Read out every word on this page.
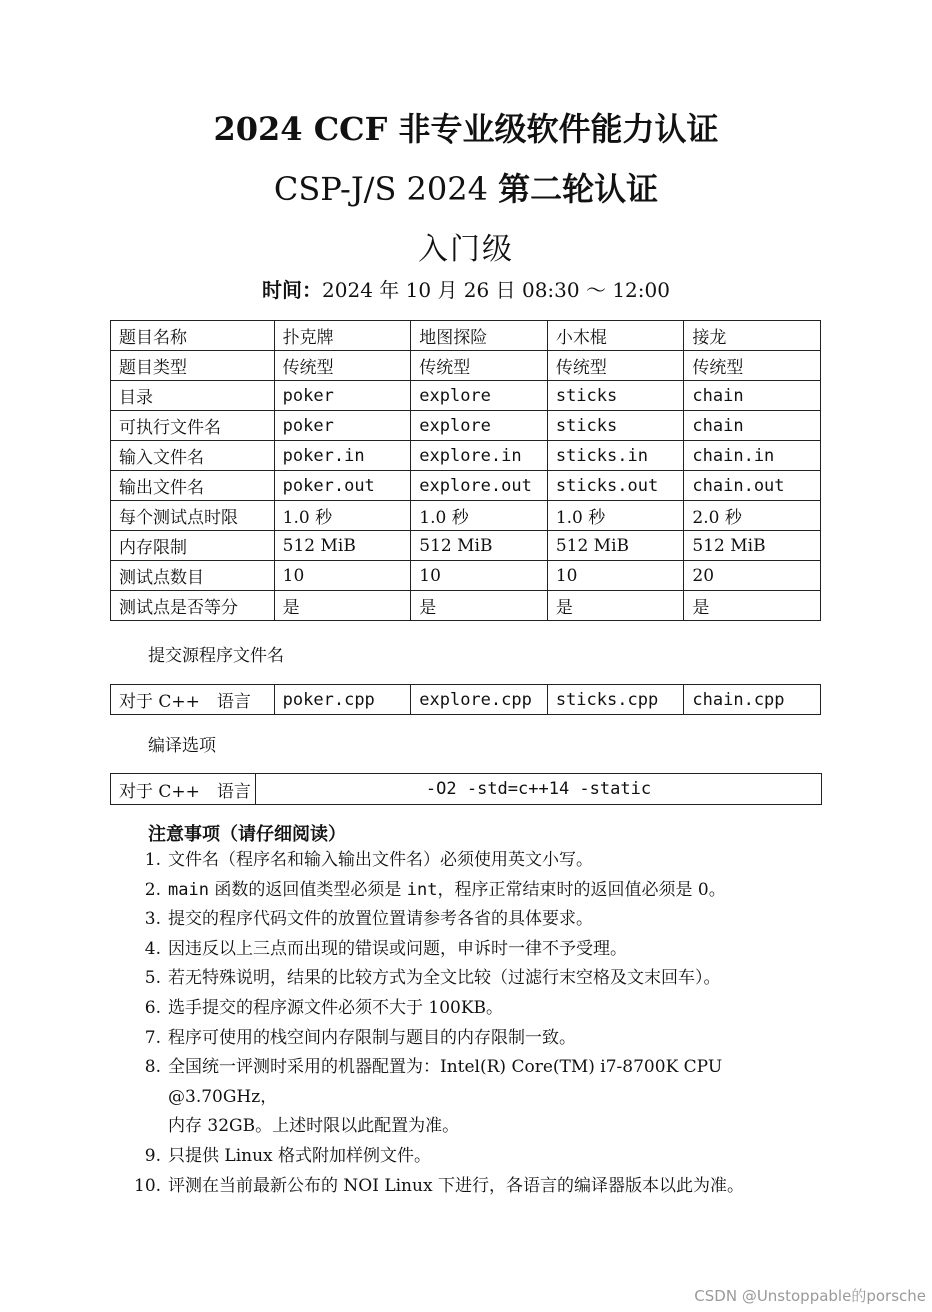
2024 CCF 非专业级软件能力认证
CSP-J/S 2024 第二轮认证
入门级
时间：2024 年 10 月 26 日 08:30 ～ 12:00
题目名称	扑克牌	地图探险	小木棍	接龙
题目类型	传统型	传统型	传统型	传统型
目录	poker	explore	sticks	chain
可执行文件名	poker	explore	sticks	chain
输入文件名	poker.in	explore.in	sticks.in	chain.in
输出文件名	poker.out	explore.out	sticks.out	chain.out
每个测试点时限	1.0 秒	1.0 秒	1.0 秒	2.0 秒
内存限制	512 MiB	512 MiB	512 MiB	512 MiB
测试点数目	10	10	10	20
测试点是否等分	是	是	是	是
提交源程序文件名
对于 C++　语言	poker.cpp	explore.cpp	sticks.cpp	chain.cpp
编译选项
对于 C++　语言	-O2 -std=c++14 -static
注意事项（请仔细阅读）
1. 文件名（程序名和输入输出文件名）必须使用英文小写。
2. main 函数的返回值类型必须是 int，程序正常结束时的返回值必须是 0。
3. 提交的程序代码文件的放置位置请参考各省的具体要求。
4. 因违反以上三点而出现的错误或问题，申诉时一律不予受理。
5. 若无特殊说明，结果的比较方式为全文比较（过滤行末空格及文末回车）。
6. 选手提交的程序源文件必须不大于 100KB。
7. 程序可使用的栈空间内存限制与题目的内存限制一致。
8. 全国统一评测时采用的机器配置为：Intel(R) Core(TM) i7-8700K CPU @3.70GHz，
内存 32GB。上述时限以此配置为准。
9. 只提供 Linux 格式附加样例文件。
10. 评测在当前最新公布的 NOI Linux 下进行，各语言的编译器版本以此为准。
CSDN @Unstoppable的porsche
